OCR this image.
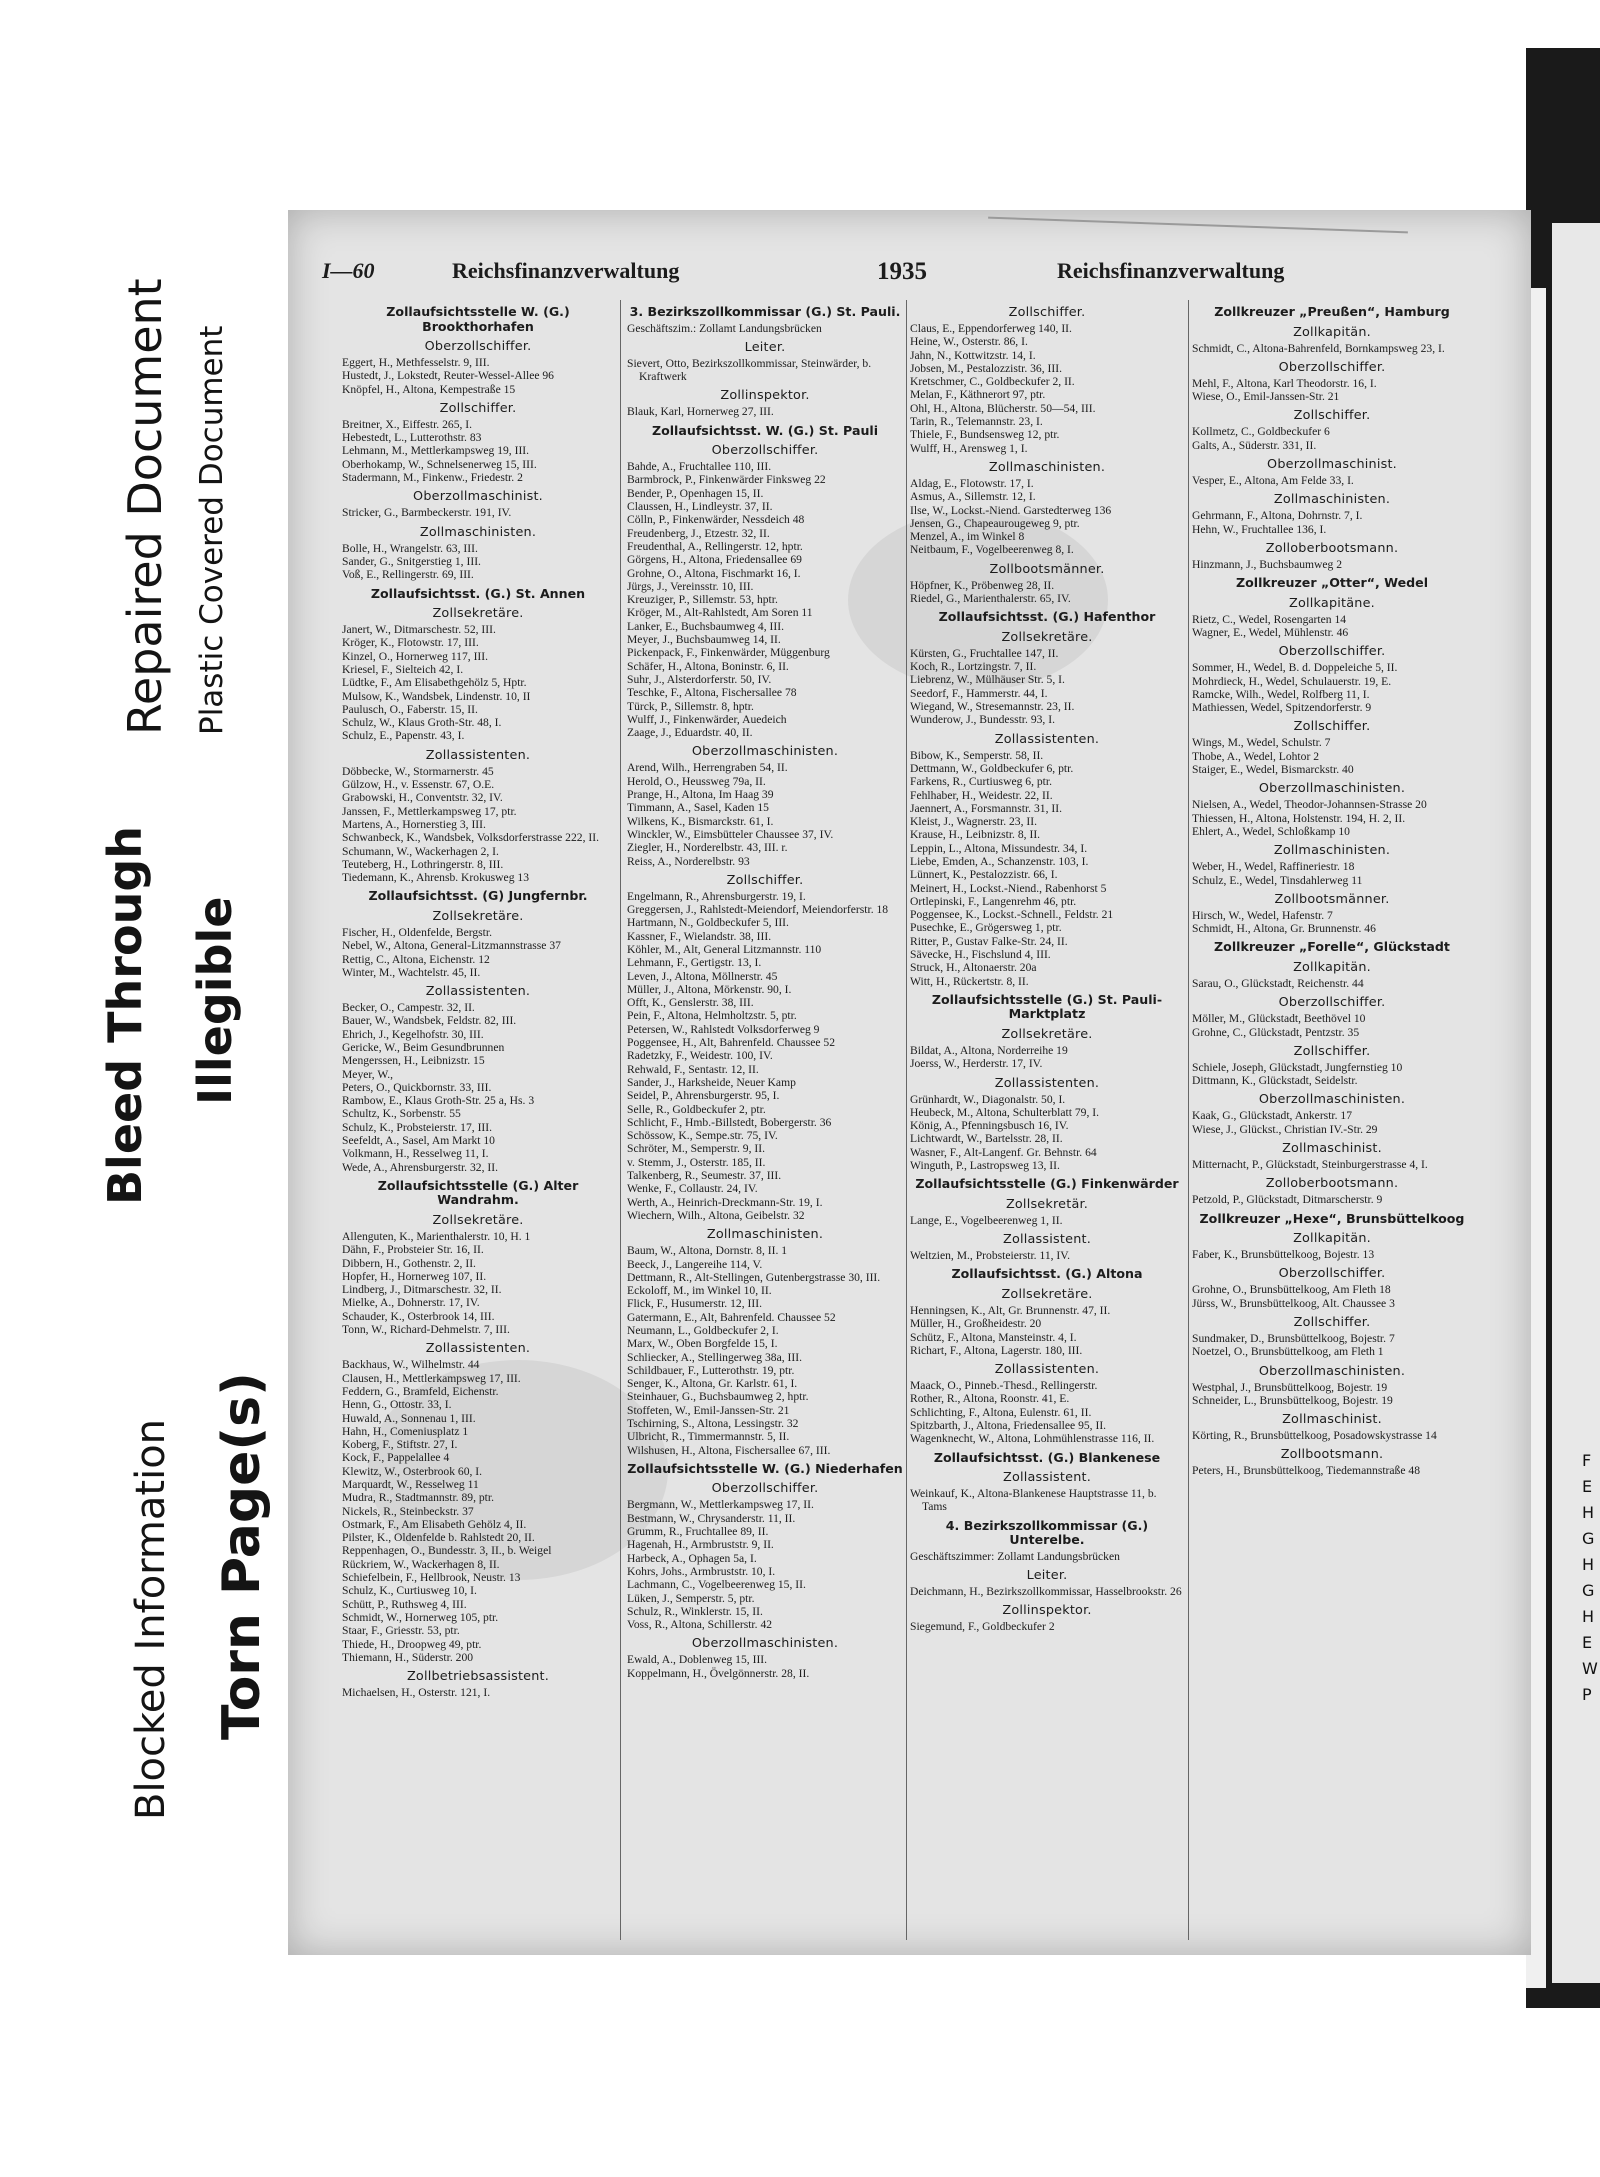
F
E
H
G
H
G
H
E
W
P
Repaired Document Plastic Covered Document
Bleed Through Illegible
Blocked Information Torn Page(s)
I—60	Reichsfinanzverwaltung	1935	Reichsfinanzverwaltung
Zollaufsichtsstelle W. (G.) Brookthorhafen
Oberzollschiffer.

Eggert, H., Methfesselstr. 9, III.

Hustedt, J., Lokstedt, Reuter-Wessel-Allee 96

Knöpfel, H., Altona, Kempestraße 15

Zollschiffer.

Breitner, X., Eiffestr. 265, I.

Hebestedt, L., Lutterothstr. 83

Lehmann, M., Mettlerkampsweg 19, III.

Oberhokamp, W., Schnelsenerweg 15, III.

Stadermann, M., Finkenw., Friedestr. 2

Oberzollmaschinist.

Stricker, G., Barmbeckerstr. 191, IV.

Zollmaschinisten.

Bolle, H., Wrangelstr. 63, III.

Sander, G., Snitgerstieg 1, III.

Voß, E., Rellingerstr. 69, III.

Zollaufsichtsst. (G.) St. Annen
Zollsekretäre.

Janert, W., Ditmarschestr. 52, III.

Kröger, K., Flotowstr. 17, III.

Kinzel, O., Hornerweg 117, III.

Kriesel, F., Sielteich 42, I.

Lüdtke, F., Am Elisabethgehölz 5, Hptr.

Mulsow, K., Wandsbek, Lindenstr. 10, II

Paulusch, O., Faberstr. 15, II.

Schulz, W., Klaus Groth-Str. 48, I.

Schulz, E., Papenstr. 43, I.

Zollassistenten.

Döbbecke, W., Stormarnerstr. 45

Gülzow, H., v. Essenstr. 67, O.E.

Grabowski, H., Conventstr. 32, IV.

Janssen, F., Mettlerkampsweg 17, ptr.

Martens, A., Hornerstieg 3, III.

Schwanbeck, K., Wandsbek, Volksdorferstrasse 222, II.

Schumann, W., Wackerhagen 2, I.

Teuteberg, H., Lothringerstr. 8, III.

Tiedemann, K., Ahrensb. Krokusweg 13

Zollaufsichtsst. (G) Jungfernbr.
Zollsekretäre.

Fischer, H., Oldenfelde, Bergstr.

Nebel, W., Altona, General-Litzmannstrasse 37

Rettig, C., Altona, Eichenstr. 12

Winter, M., Wachtelstr. 45, II.

Zollassistenten.

Becker, O., Campestr. 32, II.

Bauer, W., Wandsbek, Feldstr. 82, III.

Ehrich, J., Kegelhofstr. 30, III.

Gericke, W., Beim Gesundbrunnen

Mengerssen, H., Leibnizstr. 15

Meyer, W.,

Peters, O., Quickbornstr. 33, III.

Rambow, E., Klaus Groth-Str. 25 a, Hs. 3

Schultz, K., Sorbenstr. 55

Schulz, K., Probsteierstr. 17, III.

Seefeldt, A., Sasel, Am Markt 10

Volkmann, H., Resselweg 11, I.

Wede, A., Ahrensburgerstr. 32, II.

Zollaufsichtsstelle (G.) Alter Wandrahm.
Zollsekretäre.

Allenguten, K., Marienthalerstr. 10, H. 1

Dähn, F., Probsteier Str. 16, II.

Dibbern, H., Gothenstr. 2, II.

Hopfer, H., Hornerweg 107, II.

Lindberg, J., Ditmarschestr. 32, II.

Mielke, A., Dohnerstr. 17, IV.

Schauder, K., Osterbrook 14, III.

Tonn, W., Richard-Dehmelstr. 7, III.

Zollassistenten.

Backhaus, W., Wilhelmstr. 44

Clausen, H., Mettlerkampsweg 17, III.

Feddern, G., Bramfeld, Eichenstr.

Henn, G., Ottostr. 33, I.

Huwald, A., Sonnenau 1, III.

Hahn, H., Comeniusplatz 1

Koberg, F., Stiftstr. 27, I.

Kock, F., Pappelallee 4

Klewitz, W., Osterbrook 60, I.

Marquardt, W., Resselweg 11

Mudra, R., Stadtmannstr. 89, ptr.

Nickels, R., Steinbeckstr. 37

Ostmark, F., Am Elisabeth Gehölz 4, II.

Pilster, K., Oldenfelde b. Rahlstedt 20, II.

Reppenhagen, O., Bundesstr. 3, II., b. Weigel

Rückriem, W., Wackerhagen 8, II.

Schiefelbein, F., Hellbrook, Neustr. 13

Schulz, K., Curtiusweg 10, I.

Schütt, P., Ruthsweg 4, III.

Schmidt, W., Hornerweg 105, ptr.

Staar, F., Griesstr. 53, ptr.

Thiede, H., Droopweg 49, ptr.

Thiemann, H., Süderstr. 200

Zollbetriebsassistent.

Michaelsen, H., Osterstr. 121, I.

3. Bezirkszollkommissar (G.) St. Pauli.

Geschäftszim.: Zollamt Landungsbrücken

Leiter.

Sievert, Otto, Bezirkszollkommissar, Steinwärder, b. Kraftwerk

Zollinspektor.

Blauk, Karl, Hornerweg 27, III.

Zollaufsichtsst. W. (G.) St. Pauli
Oberzollschiffer.

Bahde, A., Fruchtallee 110, III.

Barmbrock, P., Finkenwärder Finksweg 22

Bender, P., Openhagen 15, II.

Claussen, H., Lindleystr. 37, II.

Cölln, P., Finkenwärder, Nessdeich 48

Freudenberg, J., Etzestr. 32, II.

Freudenthal, A., Rellingerstr. 12, hptr.

Görgens, H., Altona, Friedensallee 69

Grohne, O., Altona, Fischmarkt 16, I.

Jürgs, J., Vereinsstr. 10, III.

Kreuziger, P., Sillemstr. 53, hptr.

Kröger, M., Alt-Rahlstedt, Am Soren 11

Lanker, E., Buchsbaumweg 4, III.

Meyer, J., Buchsbaumweg 14, II.

Pickenpack, F., Finkenwärder, Müggenburg

Schäfer, H., Altona, Boninstr. 6, II.

Suhr, J., Alsterdorferstr. 50, IV.

Teschke, F., Altona, Fischersallee 78

Türck, P., Sillemstr. 8, hptr.

Wulff, J., Finkenwärder, Auedeich

Zaage, J., Eduardstr. 40, II.

Oberzollmaschinisten.

Arend, Wilh., Herrengraben 54, II.

Herold, O., Heussweg 79a, II.

Prange, H., Altona, Im Haag 39

Timmann, A., Sasel, Kaden 15

Wilkens, K., Bismarckstr. 61, I.

Winckler, W., Eimsbütteler Chaussee 37, IV.

Ziegler, H., Norderelbstr. 43, III. r.

Reiss, A., Norderelbstr. 93

Zollschiffer.

Engelmann, R., Ahrensburgerstr. 19, I.

Greggersen, J., Rahlstedt-Meiendorf, Meiendorferstr. 18

Hartmann, N., Goldbeckufer 5, III.

Kassner, F., Wielandstr. 38, III.

Köhler, M., Alt, General Litzmannstr. 110

Lehmann, F., Gertigstr. 13, I.

Leven, J., Altona, Möllnerstr. 45

Müller, J., Altona, Mörkenstr. 90, I.

Offt, K., Genslerstr. 38, III.

Pein, F., Altona, Helmholtzstr. 5, ptr.

Petersen, W., Rahlstedt Volksdorferweg 9

Poggensee, H., Alt, Bahrenfeld. Chaussee 52

Radetzky, F., Weidestr. 100, IV.

Rehwald, F., Sentastr. 12, II.

Sander, J., Harksheide, Neuer Kamp

Seidel, P., Ahrensburgerstr. 95, I.

Selle, R., Goldbeckufer 2, ptr.

Schlicht, F., Hmb.-Billstedt, Bobergerstr. 36

Schössow, K., Sempe.str. 75, IV.

Schröter, M., Semperstr. 9, II.

v. Stemm, J., Osterstr. 185, II.

Talkenberg, R., Seumestr. 37, III.

Wenke, F., Collaustr. 24, IV.

Werth, A., Heinrich-Dreckmann-Str. 19, I.

Wiechern, Wilh., Altona, Geibelstr. 32

Zollmaschinisten.

Baum, W., Altona, Dornstr. 8, II. 1

Beeck, J., Langereihe 114, V.

Dettmann, R., Alt-Stellingen, Gutenbergstrasse 30, III.

Eckoloff, M., im Winkel 10, II.

Flick, F., Husumerstr. 12, III.

Gatermann, E., Alt, Bahrenfeld. Chaussee 52

Neumann, L., Goldbeckufer 2, I.

Marx, W., Oben Borgfelde 15, I.

Schliecker, A., Stellingerweg 38a, III.

Schildbauer, F., Lutterothstr. 19, ptr.

Senger, K., Altona, Gr. Karlstr. 61, I.

Steinhauer, G., Buchsbaumweg 2, hptr.

Stoffeten, W., Emil-Janssen-Str. 21

Tschirning, S., Altona, Lessingstr. 32

Ulbricht, R., Timmermannstr. 5, II.

Wilshusen, H., Altona, Fischersallee 67, III.

Zollaufsichtsstelle W. (G.) Niederhafen
Oberzollschiffer.

Bergmann, W., Mettlerkampsweg 17, II.

Bestmann, W., Chrysanderstr. 11, II.

Grumm, R., Fruchtallee 89, II.

Hagenah, H., Armbruststr. 9, II.

Harbeck, A., Ophagen 5a, I.

Kohrs, Johs., Armbruststr. 10, I.

Lachmann, C., Vogelbeerenweg 15, II.

Lüken, J., Semperstr. 5, ptr.

Schulz, R., Winklerstr. 15, II.

Voss, R., Altona, Schillerstr. 42

Oberzollmaschinisten.

Ewald, A., Doblenweg 15, III.

Koppelmann, H., Övelgönnerstr. 28, II.

Zollschiffer.

Claus, E., Eppendorferweg 140, II.

Heine, W., Osterstr. 86, I.

Jahn, N., Kottwitzstr. 14, I.

Jobsen, M., Pestalozzistr. 36, III.

Kretschmer, C., Goldbeckufer 2, II.

Melan, F., Käthnerort 97, ptr.

Ohl, H., Altona, Blücherstr. 50—54, III.

Tarin, R., Telemannstr. 23, I.

Thiele, F., Bundsensweg 12, ptr.

Wulff, H., Arensweg 1, I.

Zollmaschinisten.

Aldag, E., Flotowstr. 17, I.

Asmus, A., Sillemstr. 12, I.

Ilse, W., Lockst.-Niend. Garstedterweg 136

Jensen, G., Chapeaurougeweg 9, ptr.

Menzel, A., im Winkel 8

Neitbaum, F., Vogelbeerenweg 8, I.

Zollbootsmänner.

Höpfner, K., Pröbenweg 28, II.

Riedel, G., Marienthalerstr. 65, IV.

Zollaufsichtsst. (G.) Hafenthor
Zollsekretäre.

Kürsten, G., Fruchtallee 147, II.

Koch, R., Lortzingstr. 7, II.

Liebrenz, W., Mülhäuser Str. 5, I.

Seedorf, F., Hammerstr. 44, I.

Wiegand, W., Stresemannstr. 23, II.

Wunderow, J., Bundesstr. 93, I.

Zollassistenten.

Bibow, K., Semperstr. 58, II.

Dettmann, W., Goldbeckufer 6, ptr.

Farkens, R., Curtiusweg 6, ptr.

Fehlhaber, H., Weidestr. 22, II.

Jaennert, A., Forsmannstr. 31, II.

Kleist, J., Wagnerstr. 23, II.

Krause, H., Leibnizstr. 8, II.

Leppin, L., Altona, Missundestr. 34, I.

Liebe, Emden, A., Schanzenstr. 103, I.

Lünnert, K., Pestalozzistr. 66, I.

Meinert, H., Lockst.-Niend., Rabenhorst 5

Ortlepinski, F., Langenrehm 46, ptr.

Poggensee, K., Lockst.-Schnell., Feldstr. 21

Pusechke, E., Grögersweg 1, ptr.

Ritter, P., Gustav Falke-Str. 24, II.

Sävecke, H., Fischslund 4, III.

Struck, H., Altonaerstr. 20a

Witt, H., Rückertstr. 8, II.

Zollaufsichtsstelle (G.) St. Pauli-Marktplatz
Zollsekretäre.

Bildat, A., Altona, Norderreihe 19

Joerss, W., Herderstr. 17, IV.

Zollassistenten.

Grünhardt, W., Diagonalstr. 50, I.

Heubeck, M., Altona, Schulterblatt 79, I.

König, A., Pfenningsbusch 16, IV.

Lichtwardt, W., Bartelsstr. 28, II.

Wasner, F., Alt-Langenf. Gr. Behnstr. 64

Winguth, P., Lastropsweg 13, II.

Zollaufsichtsstelle (G.) Finkenwärder
Zollsekretär.

Lange, E., Vogelbeerenweg 1, II.

Zollassistent.

Weltzien, M., Probsteierstr. 11, IV.

Zollaufsichtsst. (G.) Altona
Zollsekretäre.

Henningsen, K., Alt, Gr. Brunnenstr. 47, II.

Müller, H., Großheidestr. 20

Schütz, F., Altona, Mansteinstr. 4, I.

Richart, F., Altona, Lagerstr. 180, III.

Zollassistenten.

Maack, O., Pinneb.-Thesd., Rellingerstr.

Rother, R., Altona, Roonstr. 41, E.

Schlichting, F., Altona, Eulenstr. 61, II.

Spitzbarth, J., Altona, Friedensallee 95, II.

Wagenknecht, W., Altona, Lohmühlenstrasse 116, II.

Zollaufsichtsst. (G.) Blankenese
Zollassistent.

Weinkauf, K., Altona-Blankenese Hauptstrasse 11, b. Tams

4. Bezirkszollkommissar (G.) Unterelbe.

Geschäftszimmer: Zollamt Landungsbrücken

Leiter.

Deichmann, H., Bezirkszollkommissar, Hasselbrookstr. 26

Zollinspektor.

Siegemund, F., Goldbeckufer 2

Zollkreuzer „Preußen“, Hamburg
Zollkapitän.

Schmidt, C., Altona-Bahrenfeld, Bornkampsweg 23, I.

Oberzollschiffer.

Mehl, F., Altona, Karl Theodorstr. 16, I.

Wiese, O., Emil-Janssen-Str. 21

Zollschiffer.

Kollmetz, C., Goldbeckufer 6

Galts, A., Süderstr. 331, II.

Oberzollmaschinist.

Vesper, E., Altona, Am Felde 33, I.

Zollmaschinisten.

Gehrmann, F., Altona, Dohrnstr. 7, I.

Hehn, W., Fruchtallee 136, I.

Zolloberbootsmann.

Hinzmann, J., Buchsbaumweg 2

Zollkreuzer „Otter“, Wedel
Zollkapitäne.

Rietz, C., Wedel, Rosengarten 14

Wagner, E., Wedel, Mühlenstr. 46

Oberzollschiffer.

Sommer, H., Wedel, B. d. Doppeleiche 5, II.

Mohrdieck, H., Wedel, Schulauerstr. 19, E.

Ramcke, Wilh., Wedel, Rolfberg 11, I.

Mathiessen, Wedel, Spitzendorferstr. 9

Zollschiffer.

Wings, M., Wedel, Schulstr. 7

Thobe, A., Wedel, Lohtor 2

Staiger, E., Wedel, Bismarckstr. 40

Oberzollmaschinisten.

Nielsen, A., Wedel, Theodor-Johannsen-Strasse 20

Thiessen, H., Altona, Holstenstr. 194, H. 2, II.

Ehlert, A., Wedel, Schloßkamp 10

Zollmaschinisten.

Weber, H., Wedel, Raffineriestr. 18

Schulz, E., Wedel, Tinsdahlerweg 11

Zollbootsmänner.

Hirsch, W., Wedel, Hafenstr. 7

Schmidt, H., Altona, Gr. Brunnenstr. 46

Zollkreuzer „Forelle“, Glückstadt
Zollkapitän.

Sarau, O., Glückstadt, Reichenstr. 44

Oberzollschiffer.

Möller, M., Glückstadt, Beethövel 10

Grohne, C., Glückstadt, Pentzstr. 35

Zollschiffer.

Schiele, Joseph, Glückstadt, Jungfernstieg 10

Dittmann, K., Glückstadt, Seidelstr.

Oberzollmaschinisten.

Kaak, G., Glückstadt, Ankerstr. 17

Wiese, J., Glückst., Christian IV.-Str. 29

Zollmaschinist.

Mitternacht, P., Glückstadt, Steinburgerstrasse 4, I.

Zolloberbootsmann.

Petzold, P., Glückstadt, Ditmarscherstr. 9

Zollkreuzer „Hexe“, Brunsbüttelkoog
Zollkapitän.

Faber, K., Brunsbüttelkoog, Bojestr. 13

Oberzollschiffer.

Grohne, O., Brunsbüttelkoog, Am Fleth 18

Jürss, W., Brunsbüttelkoog, Alt. Chaussee 3

Zollschiffer.

Sundmaker, D., Brunsbüttelkoog, Bojestr. 7

Noetzel, O., Brunsbüttelkoog, am Fleth 1

Oberzollmaschinisten.

Westphal, J., Brunsbüttelkoog, Bojestr. 19

Schneider, L., Brunsbüttelkoog, Bojestr. 19

Zollmaschinist.

Körting, R., Brunsbüttelkoog, Posadowskystrasse 14

Zollbootsmann.

Peters, H., Brunsbüttelkoog, Tiedemannstraße 48
